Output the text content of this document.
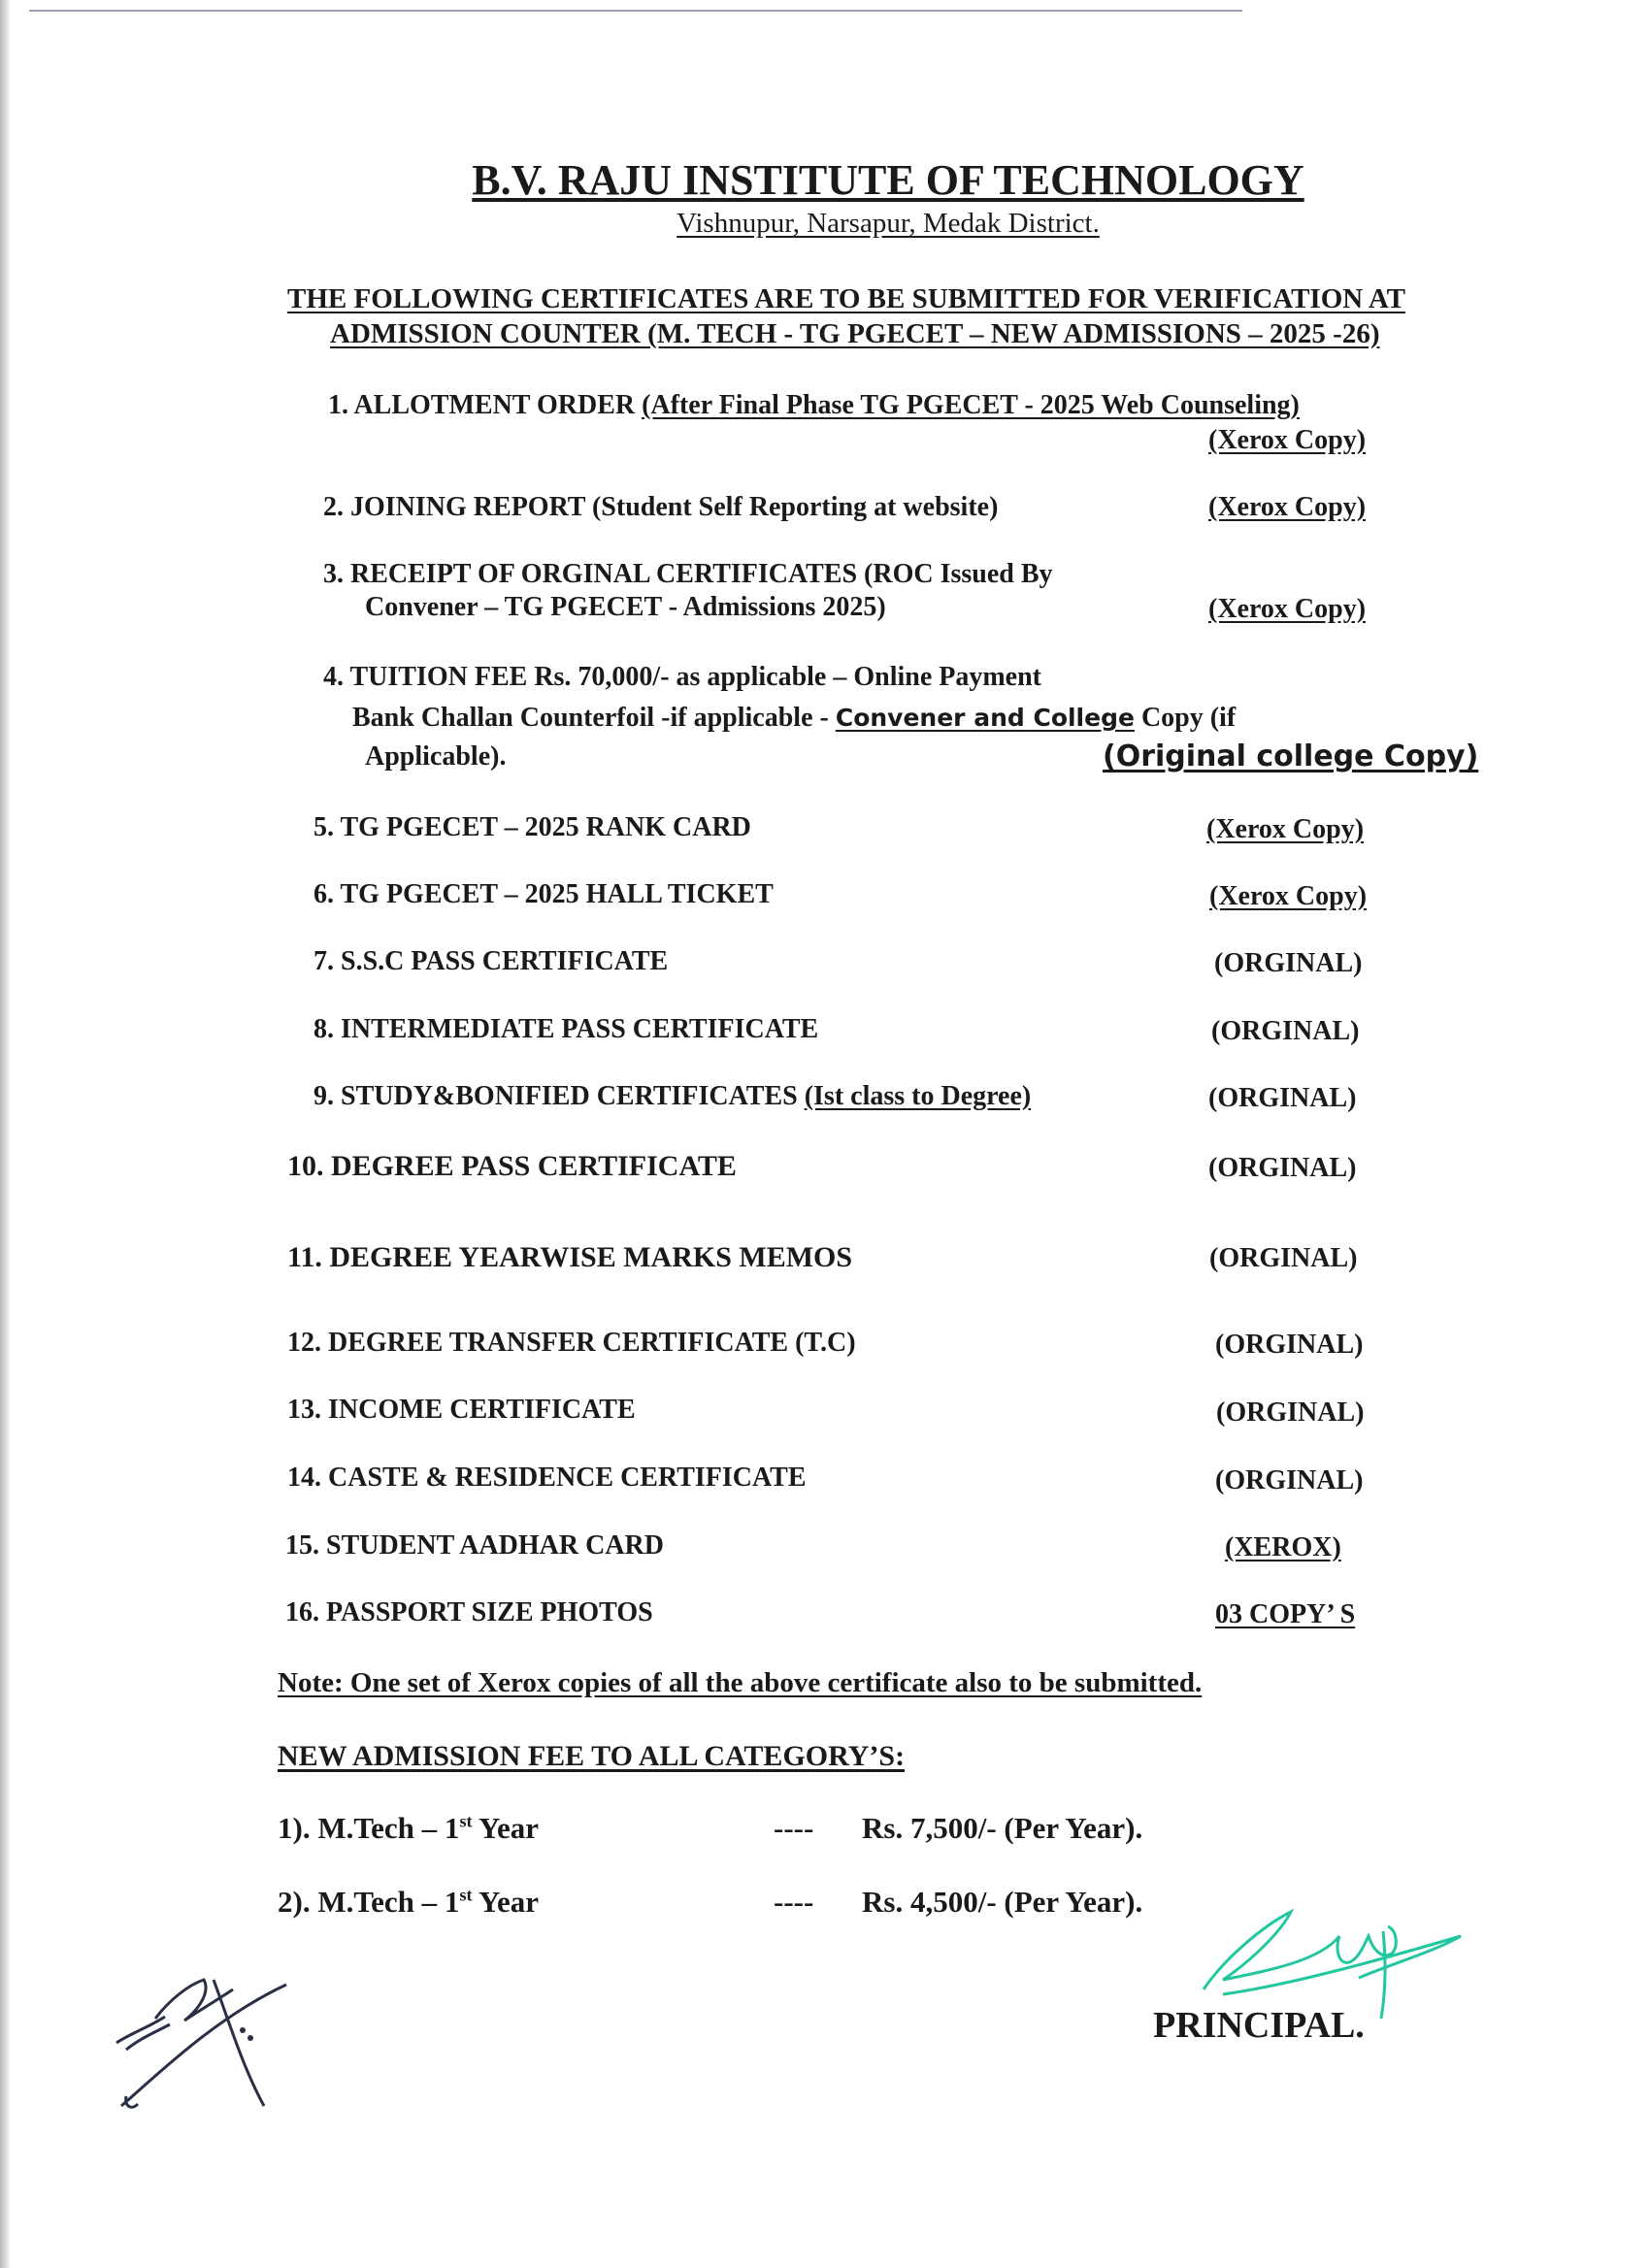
B.V. RAJU INSTITUTE OF TECHNOLOGY
Vishnupur, Narsapur, Medak District.
THE FOLLOWING CERTIFICATES ARE TO BE SUBMITTED FOR VERIFICATION AT
ADMISSION COUNTER (M. TECH - TG PGECET – NEW ADMISSIONS – 2025 -26)
1. ALLOTMENT ORDER (After Final Phase TG PGECET - 2025 Web Counseling)
(Xerox Copy)
2. JOINING REPORT (Student Self Reporting at website)	(Xerox Copy)
3. RECEIPT OF ORGINAL CERTIFICATES (ROC Issued By
Convener – TG PGECET - Admissions 2025)	(Xerox Copy)
4. TUITION FEE Rs. 70,000/- as applicable – Online Payment
Bank Challan Counterfoil -if applicable - Convener and College Copy (if
Applicable).	(Original college Copy)
5. TG PGECET – 2025 RANK CARD	(Xerox Copy)
6. TG PGECET – 2025 HALL TICKET	(Xerox Copy)
7. S.S.C PASS CERTIFICATE	(ORGINAL)
8. INTERMEDIATE PASS CERTIFICATE	(ORGINAL)
9. STUDY&BONIFIED CERTIFICATES (Ist class to Degree)	(ORGINAL)
10. DEGREE PASS CERTIFICATE	(ORGINAL)
11. DEGREE YEARWISE MARKS MEMOS	(ORGINAL)
12. DEGREE TRANSFER CERTIFICATE (T.C)	(ORGINAL)
13. INCOME CERTIFICATE	(ORGINAL)
14. CASTE & RESIDENCE CERTIFICATE	(ORGINAL)
15. STUDENT AADHAR CARD	(XEROX)
16. PASSPORT SIZE PHOTOS	03 COPY’ S
Note: One set of Xerox copies of all the above certificate also to be submitted.
NEW ADMISSION FEE TO ALL CATEGORY’S:
1). M.Tech – 1st Year	---- Rs. 7,500/- (Per Year).
2). M.Tech – 1st Year	---- Rs. 4,500/- (Per Year).
PRINCIPAL.
